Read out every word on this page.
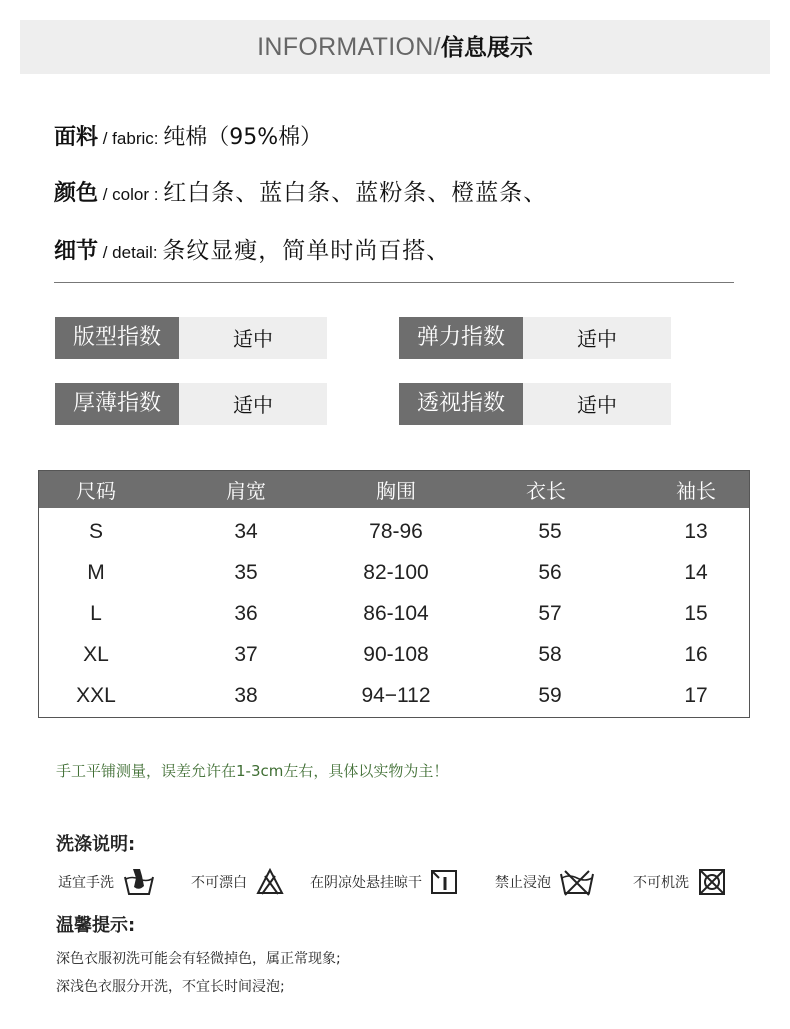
INFORMATION/信息展示
面料 / fabric: 纯棉（95%棉）
颜色 / color : 红白条、蓝白条、蓝粉条、橙蓝条、
细节 / detail: 条纹显瘦，简单时尚百搭、
版型指数	适中	弹力指数	适中
厚薄指数	适中	透视指数	适中
尺码	肩宽	胸围	衣长	袖长
S	34	78-96	55	13
M	35	82-100	56	14
L	36	86-104	57	15
XL	37	90-108	58	16
XXL	38	94−112	59	17
手工平铺测量，误差允许在1-3cm左右，具体以实物为主！
洗涤说明:
适宜手洗	不可漂白	在阴凉处悬挂晾干	禁止浸泡	不可机洗
温馨提示:
深色衣服初洗可能会有轻微掉色，属正常现象;
深浅色衣服分开洗，不宜长时间浸泡;
